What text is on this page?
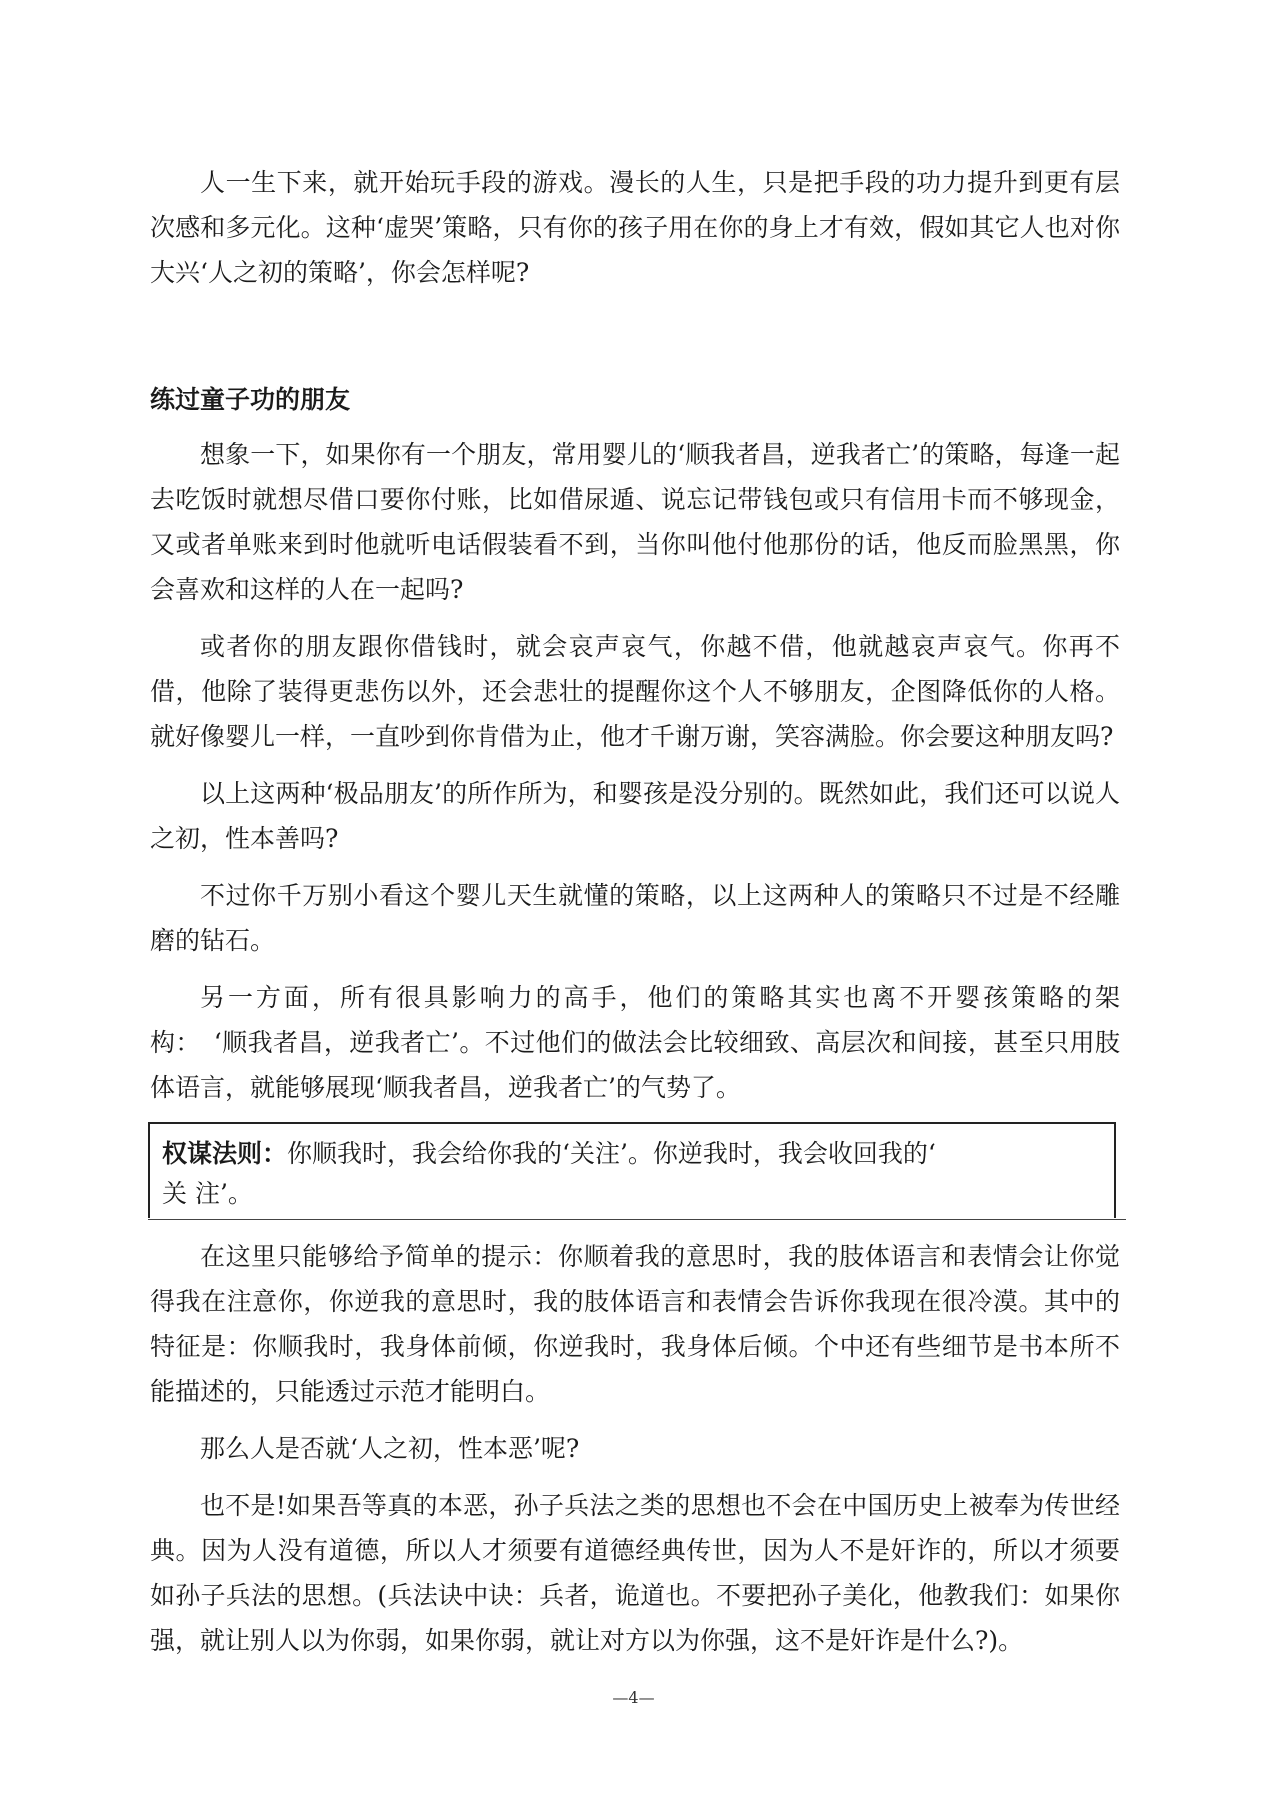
人一生下来，就开始玩手段的游戏。漫长的人生，只是把手段的功力提升到更有层次感和多元化。这种‘虚哭’策略，只有你的孩子用在你的身上才有效，假如其它人也对你大兴‘人之初的策略’，你会怎样呢?

练过童子功的朋友

想象一下，如果你有一个朋友，常用婴儿的‘顺我者昌，逆我者亡’的策略，每逢一起去吃饭时就想尽借口要你付账，比如借尿遁、说忘记带钱包或只有信用卡而不够现金，又或者单账来到时他就听电话假装看不到，当你叫他付他那份的话，他反而脸黑黑，你会喜欢和这样的人在一起吗?

或者你的朋友跟你借钱时，就会哀声哀气，你越不借，他就越哀声哀气。你再不借，他除了装得更悲伤以外，还会悲壮的提醒你这个人不够朋友，企图降低你的人格。就好像婴儿一样，一直吵到你肯借为止，他才千谢万谢，笑容满脸。你会要这种朋友吗?

以上这两种‘极品朋友’的所作所为，和婴孩是没分别的。既然如此，我们还可以说人之初，性本善吗?

不过你千万别小看这个婴儿天生就懂的策略，以上这两种人的策略只不过是不经雕磨的钻石。

另一方面，所有很具影响力的高手，他们的策略其实也离不开婴孩策略的架构：　‘顺我者昌，逆我者亡’。不过他们的做法会比较细致、高层次和间接，甚至只用肢体语言，就能够展现‘顺我者昌，逆我者亡’的气势了。

权谋法则：你顺我时，我会给你我的‘关注’。你逆我时，我会收回我的‘

关 注’。

在这里只能够给予简单的提示：你顺着我的意思时，我的肢体语言和表情会让你觉得我在注意你，你逆我的意思时，我的肢体语言和表情会告诉你我现在很冷漠。其中的特征是：你顺我时，我身体前倾，你逆我时，我身体后倾。个中还有些细节是书本所不能描述的，只能透过示范才能明白。

那么人是否就‘人之初，性本恶’呢?

也不是!如果吾等真的本恶，孙子兵法之类的思想也不会在中国历史上被奉为传世经典。因为人没有道德，所以人才须要有道德经典传世，因为人不是奸诈的，所以才须要如孙子兵法的思想。(兵法诀中诀：兵者，诡道也。不要把孙子美化，他教我们：如果你强，就让别人以为你弱，如果你弱，就让对方以为你强，这不是奸诈是什么?)。

—4—
